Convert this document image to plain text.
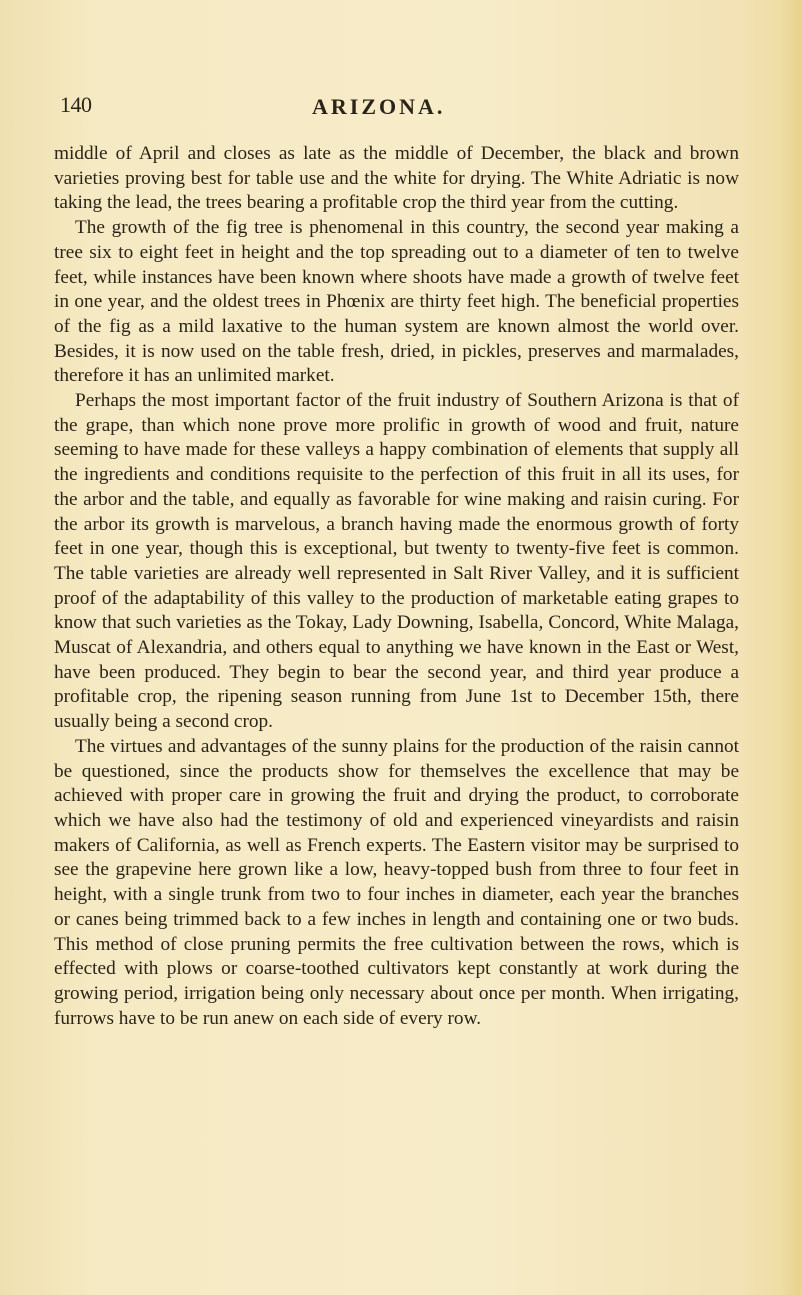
140	ARIZONA.

middle of April and closes as late as the middle of December, the black and brown varieties proving best for table use and the white for drying. The White Adriatic is now taking the lead, the trees bearing a profitable crop the third year from the cutting.

The growth of the fig tree is phenomenal in this country, the second year making a tree six to eight feet in height and the top spreading out to a diameter of ten to twelve feet, while instances have been known where shoots have made a growth of twelve feet in one year, and the oldest trees in Phœnix are thirty feet high. The beneficial properties of the fig as a mild laxative to the human system are known almost the world over. Besides, it is now used on the table fresh, dried, in pickles, preserves and marmalades, therefore it has an unlimited market.

Perhaps the most important factor of the fruit industry of Southern Arizona is that of the grape, than which none prove more prolific in growth of wood and fruit, nature seeming to have made for these valleys a happy combination of elements that supply all the ingredients and conditions requisite to the perfection of this fruit in all its uses, for the arbor and the table, and equally as favorable for wine making and raisin curing. For the arbor its growth is marvelous, a branch having made the enormous growth of forty feet in one year, though this is exceptional, but twenty to twenty-five feet is common. The table varieties are already well represented in Salt River Valley, and it is sufficient proof of the adaptability of this valley to the production of marketable eating grapes to know that such varieties as the Tokay, Lady Downing, Isabella, Concord, White Malaga, Muscat of Alexandria, and others equal to anything we have known in the East or West, have been produced. They begin to bear the second year, and third year produce a profitable crop, the ripening season running from June 1st to December 15th, there usually being a second crop.

The virtues and advantages of the sunny plains for the production of the raisin cannot be questioned, since the products show for themselves the excellence that may be achieved with proper care in growing the fruit and drying the product, to corroborate which we have also had the testimony of old and experienced vineyardists and raisin makers of California, as well as French experts. The Eastern visitor may be surprised to see the grapevine here grown like a low, heavy-topped bush from three to four feet in height, with a single trunk from two to four inches in diameter, each year the branches or canes being trimmed back to a few inches in length and containing one or two buds. This method of close pruning permits the free cultivation between the rows, which is effected with plows or coarse-toothed cultivators kept constantly at work during the growing period, irrigation being only necessary about once per month. When irrigating, furrows have to be run anew on each side of every row.
